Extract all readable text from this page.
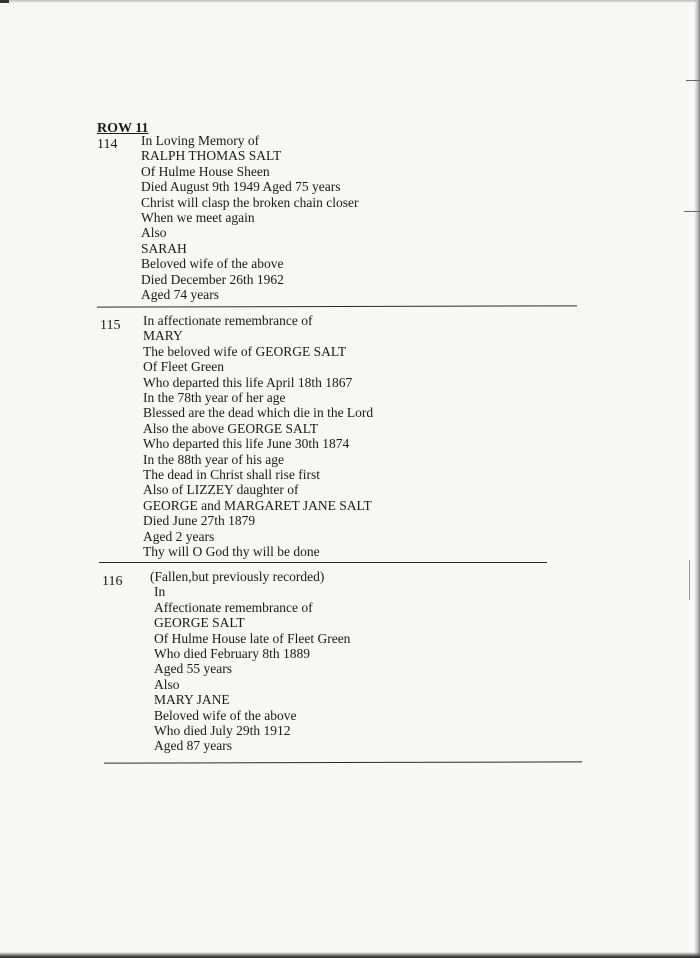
ROW 11
114 In Loving Memory of
RALPH THOMAS SALT
Of Hulme House Sheen
Died August 9th 1949 Aged 75 years
Christ will clasp the broken chain closer
When we meet again
Also
SARAH
Beloved wife of the above
Died December 26th 1962
Aged 74 years
115 In affectionate remembrance of
MARY
The beloved wife of GEORGE SALT
Of Fleet Green
Who departed this life April 18th 1867
In the 78th year of her age
Blessed are the dead which die in the Lord
Also the above GEORGE SALT
Who departed this life June 30th 1874
In the 88th year of his age
The dead in Christ shall rise first
Also of LIZZEY daughter of
GEORGE and MARGARET JANE SALT
Died June 27th 1879
Aged 2 years
Thy will O God thy will be done
116 (Fallen,but previously recorded)
In
Affectionate remembrance of
GEORGE SALT
Of Hulme House late of Fleet Green
Who died February 8th 1889
Aged 55 years
Also
MARY JANE
Beloved wife of the above
Who died July 29th 1912
Aged 87 years
